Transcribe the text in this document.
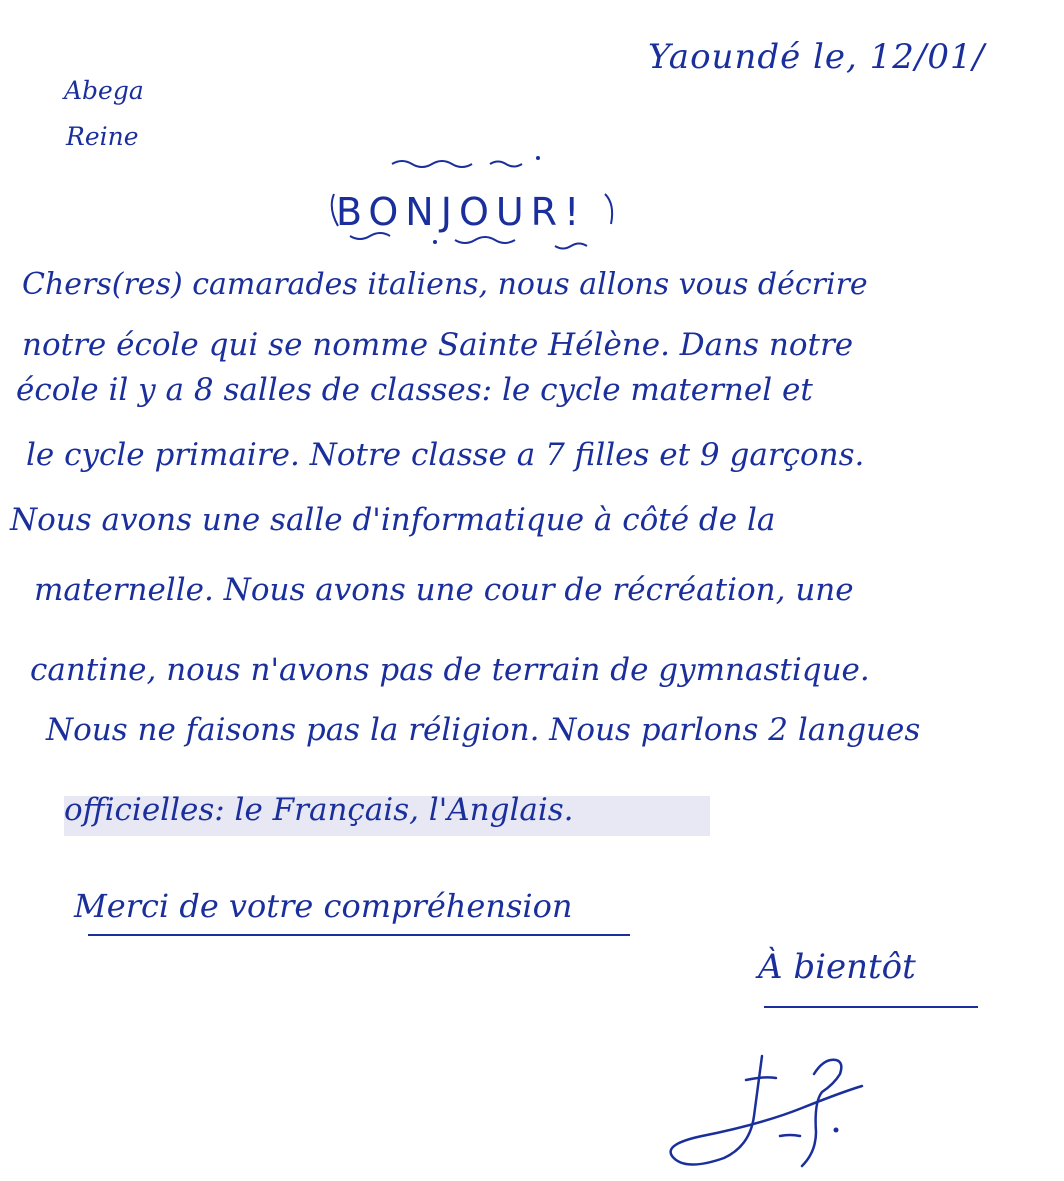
Yaoundé le, 12/01/
Abega
Reine
BONJOUR!
Chers(res) camarades italiens, nous allons vous décrire
notre école qui se nomme Sainte Hélène. Dans notre
école il y a 8 salles de classes: le cycle maternel et
le cycle primaire. Notre classe a 7 filles et 9 garçons.
Nous avons une salle d'informatique à côté de la
maternelle. Nous avons une cour de récréation, une
cantine, nous n'avons pas de terrain de gymnastique.
Nous ne faisons pas la réligion. Nous parlons 2 langues
officielles: le Français, l'Anglais.
Merci de votre compréhension
À bientôt
